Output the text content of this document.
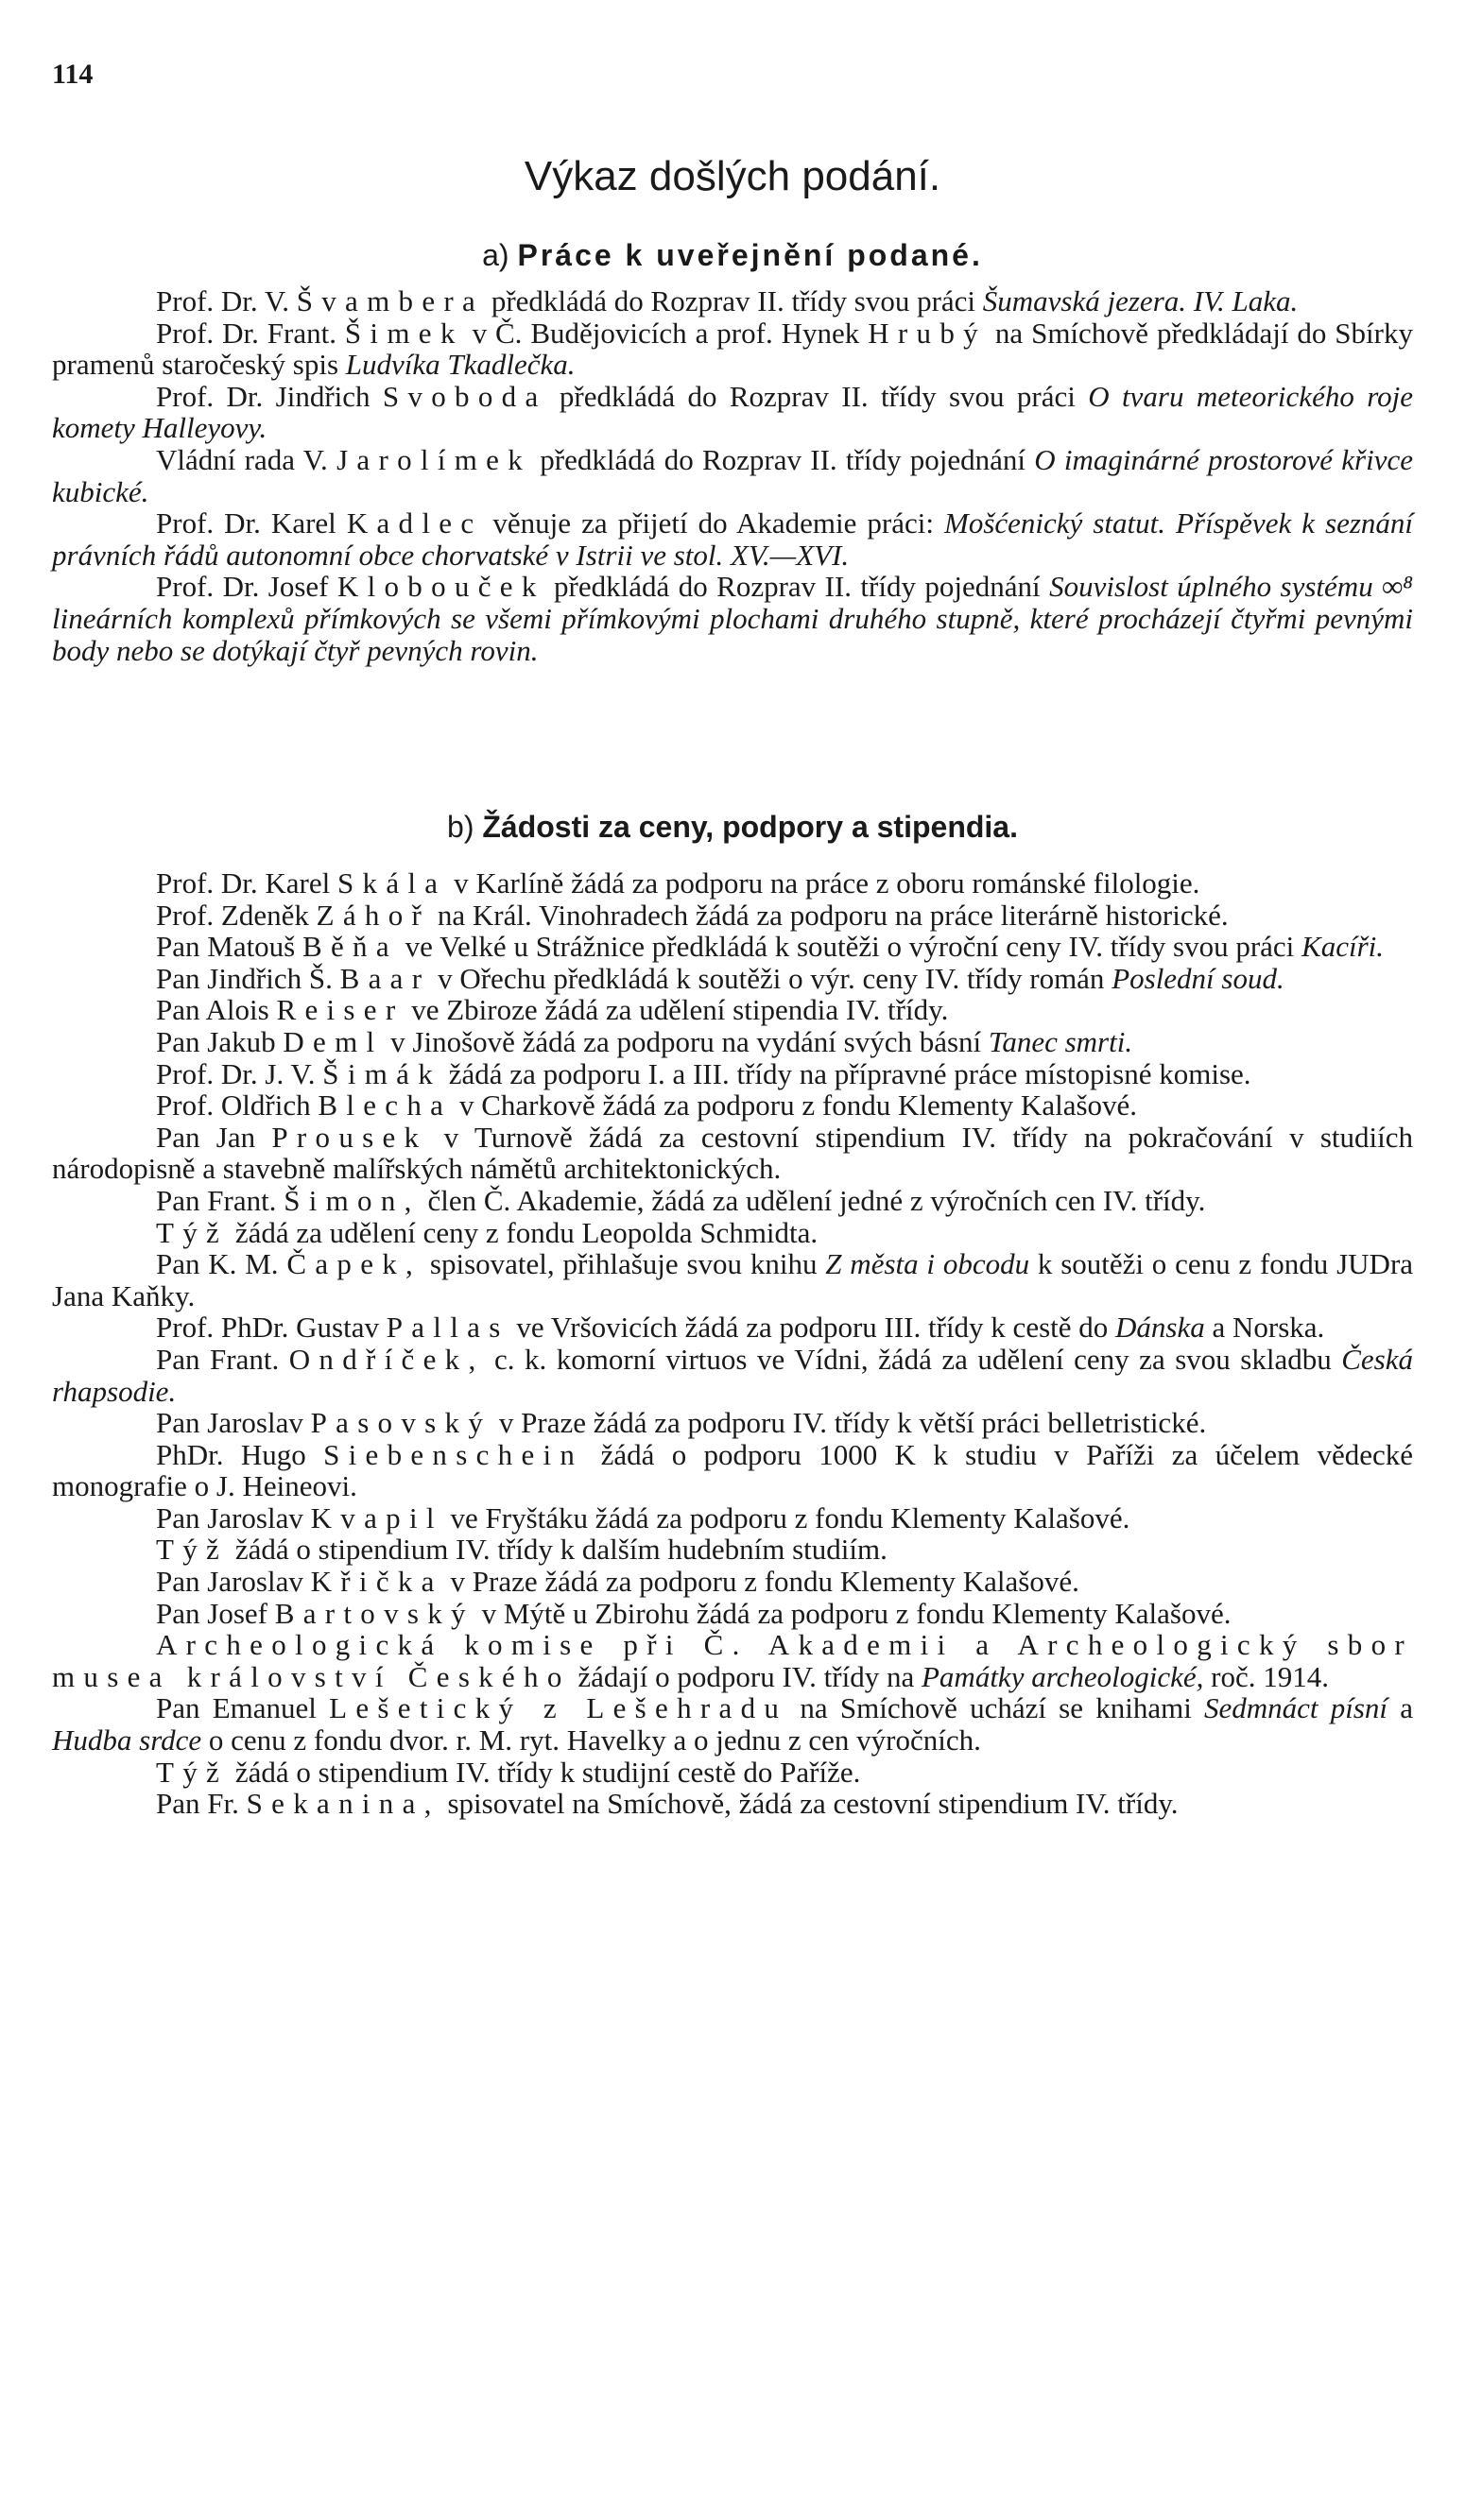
114
Výkaz došlých podání.
a) Práce k uveřejnění podané.

Prof. Dr. V. Švambera předkládá do Rozprav II. třídy svou práci Šumavská jezera. IV. Laka.

Prof. Dr. Frant. Šimek v Č. Budějovicích a prof. Hynek Hrubý na Smíchově předkládají do Sbírky pramenů staročeský spis Ludvíka Tkadlečka.

Prof. Dr. Jindřich Svoboda předkládá do Rozprav II. třídy svou práci O tvaru meteorického roje komety Halleyovy.

Vládní rada V. Jarolímek předkládá do Rozprav II. třídy pojednání O imaginárné prostorové křivce kubické.

Prof. Dr. Karel Kadlec věnuje za přijetí do Akademie práci: Mošćenický statut. Příspěvek k seznání právních řádů autonomní obce chorvatské v Istrii ve stol. XV.—XVI.

Prof. Dr. Josef Klobouček předkládá do Rozprav II. třídy pojednání Souvislost úplného systému ∞⁸ lineárních komplexů přímkových se všemi přímkovými plochami druhého stupně, které procházejí čtyřmi pevnými body nebo se dotýkají čtyř pevných rovin.

b) Žádosti za ceny, podpory a stipendia.

Prof. Dr. Karel Skála v Karlíně žádá za podporu na práce z oboru románské filologie.

Prof. Zdeněk Záhoř na Král. Vinohradech žádá za podporu na práce literárně historické.

Pan Matouš Běňa ve Velké u Strážnice předkládá k soutěži o výroční ceny IV. třídy svou práci Kacíři.

Pan Jindřich Š. Baar v Ořechu předkládá k soutěži o výr. ceny IV. třídy román Poslední soud.

Pan Alois Reiser ve Zbiroze žádá za udělení stipendia IV. třídy.

Pan Jakub Deml v Jinošově žádá za podporu na vydání svých básní Tanec smrti.

Prof. Dr. J. V. Šimák žádá za podporu I. a III. třídy na přípravné práce místopisné komise.

Prof. Oldřich Blecha v Charkově žádá za podporu z fondu Klementy Kalašové.

Pan Jan Prousek v Turnově žádá za cestovní stipendium IV. třídy na pokračování v studiích národopisně a stavebně malířských námětů architektonických.

Pan Frant. Šimon, člen Č. Akademie, žádá za udělení jedné z výročních cen IV. třídy.

Týž žádá za udělení ceny z fondu Leopolda Schmidta.

Pan K. M. Čapek, spisovatel, přihlašuje svou knihu Z města i obcodu k soutěži o cenu z fondu JUDra Jana Kaňky.

Prof. PhDr. Gustav Pallas ve Vršovicích žádá za podporu III. třídy k cestě do Dánska a Norska.

Pan Frant. Ondříček, c. k. komorní virtuos ve Vídni, žádá za udělení ceny za svou skladbu Česká rhapsodie.

Pan Jaroslav Pasovský v Praze žádá za podporu IV. třídy k větší práci belletristické.

PhDr. Hugo Siebenschein žádá o podporu 1000 K k studiu v Paříži za účelem vědecké monografie o J. Heineovi.

Pan Jaroslav Kvapil ve Fryštáku žádá za podporu z fondu Klementy Kalašové.

Týž žádá o stipendium IV. třídy k dalším hudebním studiím.

Pan Jaroslav Křička v Praze žádá za podporu z fondu Klementy Kalašové.

Pan Josef Bartovský v Mýtě u Zbirohu žádá za podporu z fondu Klementy Kalašové.

Archeologická komise při Č. Akademii a Archeologický sbor musea království Českého žádají o podporu IV. třídy na Památky archeologické, roč. 1914.

Pan Emanuel Lešetický z Lešehradu na Smíchově uchází se knihami Sedmnáct písní a Hudba srdce o cenu z fondu dvor. r. M. ryt. Havelky a o jednu z cen výročních.

Týž žádá o stipendium IV. třídy k studijní cestě do Paříže.

Pan Fr. Sekanina, spisovatel na Smíchově, žádá za cestovní stipendium IV. třídy.
